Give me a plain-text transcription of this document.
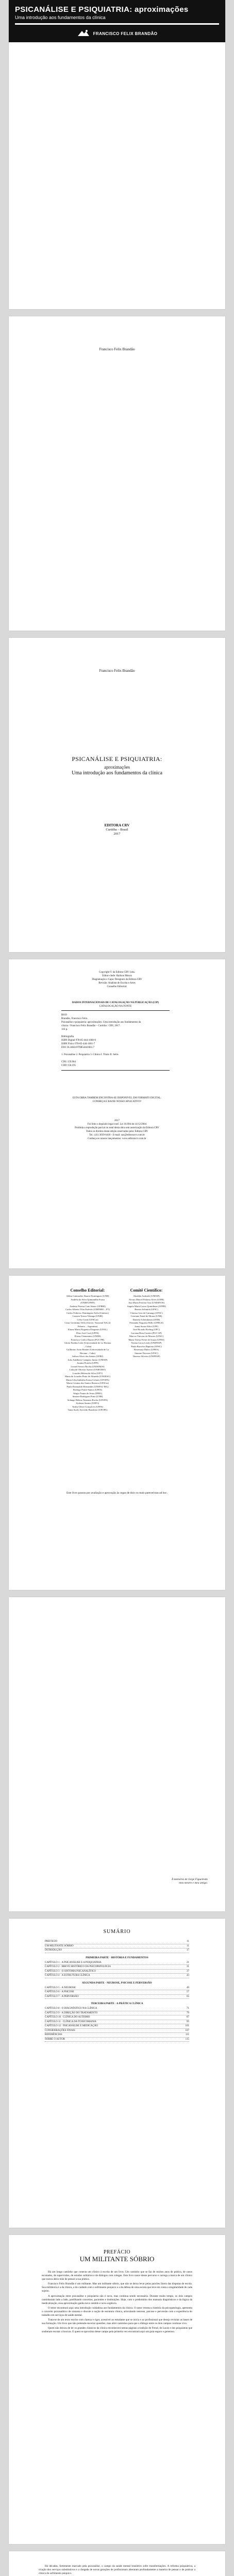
PSICANÁLISE E PSIQUIATRIA: aproximações
Uma introdução aos fundamentos da clínica
FRANCISCO FELIX BRANDÃO
Francisco Felix Brandão
Francisco Felix Brandão
PSICANÁLISE E PSIQUIATRIA:
aproximações
Uma introdução aos fundamentos da clínica
EDITORA CRV
Curitiba – Brasil
2017
Copyright © da Editora CRV Ltda.
Editor-chefe: Railson Moura
Diagramação e Capa: Designers da Editora CRV
Revisão: Analista de Escrita e Artes
Conselho Editorial:
DADOS INTERNACIONAIS DE CATALOGAÇÃO NA PUBLICAÇÃO (CIP)
CATALOGAÇÃO NA FONTE
B819
Brandão, Francisco Felix.
Psicanálise e psiquiatria: aproximações. Uma introdução aos fundamentos da
clínica / Francisco Felix Brandão – Curitiba : CRV, 2017.
116 p.

Bibliografia
ISBN Digital 978-85-444-1660-0
ISBN Físico 978-85-444-1661-7
DOI 10.24824/978854441661.7

1. Psicanálise 2. Psiquiatria 3. Clínica I. Título II. Série.

CDU 159.964
CDD 150.195
ESTA OBRA TAMBÉM ENCONTRA-SE DISPONÍVEL EM FORMATO DIGITAL.
CONHEÇA E BAIXE NOSSO APLICATIVO!
2017
Foi feito o depósito legal conf. Lei 10.994 de 14/12/2004
Proibida a reprodução parcial ou total desta obra sem autorização da Editora CRV
Todos os direitos desta edição reservados pela: Editora CRV
Tel.: (41) 3039-6418 - E-mail: sac@editoracrv.com.br
Conheça os nossos lançamentos: www.editoracrv.com.br
Conselho Editorial:
Aldira Guimarães Duarte Domínguez (UNB)
Andréia da Silva Quintanilha Sousa (UNIR/UFRN)
Antônio Pereira Gaio Júnior (UFRRJ)
Carlos Alberto Vilar Estêvão (UMINHO – PT)
Carlos Federico Dominguez Avila (Unieuro)
Carmen Tereza Velanga (UNIR)
Celso Conti (UFSCar)
Cesar Gerónimo Tello (Univer. Nacional Três de Febrero – Argentina)
Elione Maria Nogueira Diogenes (UFAL)
Élsio José Corá (UFFS)
Elizeu Clementino (UNEB)
Francisco Carlos Duarte (PUC-PR)
Gloria Fariñas León (Universidade de La Havana – Cuba)
Guillermo Arias Beatón (Universidade de La Havana – Cuba)
Jailson Alves dos Santos (UFRJ)
João Adalberto Campato Junior (UNESP)
Josania Portela (UFPI)
Leonel Severo Rocha (UNISINOS)
Lídia de Oliveira Xavier (UNIEURO)
Lourdes Helena da Silva (UFV)
Maria de Lourdes Pinto de Almeida (UNOESC)
Maria Lília Imbiriba Sousa Colares (UFOPA)
Maria Cristina dos Santos Bezerra (UFSCar)
Paulo Romualdo Hernandes (UNIFAL-MG)
Rodrigo Pratte-Santos (UFES)
Sérgio Nunes de Jesus (IFRO)
Simone Rodrigues Pinto (UNB)
Solange Helena Ximenes-Rocha (UFOPA)
Sydione Santos (UEPG)
Tadeu Oliver Gonçalves (UFPA)
Tania Suely Azevedo Brasileiro (UFOPA)
Comitê Científico:
Abrahão Andrade (UNESP)
Alvaro Marcel Palomo Alves (UEM)
Ana Maria Ferreira Tosi (UNISINOS)
Angela Maria Lucas Quintiliano (UFPB)
Beatriz Schmidt (UFSC)
Clarissa Lins de Camargo (UFSC)
Cristiane Faiad de Moura (UNB)
Daniela Scheinkman (UEM)
Fernanda Nogueira Bello (UFRGS)
Joana Souza Silva (UFF)
José Ricardo Kreling (UFC)
Luciana Rota Caseiro (PUC-SP)
Marcos Vinicius de Moraes (UFSC)
Maria Teresa Freire de Souza (UFES)
Norma Lucia Lerdo (UNIFESP)
Paula Barcelos Baptista (UFSC)
Rosemary Daltro (UFBA)
Simone Dacosta (UFSC)
Vanessa Silveira (UNIFESP)
Este livro passou por avaliação e aprovação às cegas de dois ou mais pareceristas ad hoc.
À memória de Jorge Figueiredo
meu mestre e meu amigo.
SUMÁRIO
PREFÁCIO	11
UM MILITANTE SÓBRIO	11
INTRODUÇÃO	17
PRIMEIRA PARTE · HISTÓRIA E FUNDAMENTOS
CAPÍTULO 1 · A PSICANÁLISE E A PSIQUIATRIA	21
CAPÍTULO 2 · BREVE HISTÓRICO DA PSICOPATOLOGIA	31
CAPÍTULO 3 · O SINTOMA PSICANALÍTICO	37
CAPÍTULO 4 · A ESTRUTURA CLÍNICA	43
SEGUNDA PARTE · NEUROSE, PSICOSE E PERVERSÃO
CAPÍTULO 5 · A NEUROSE	49
CAPÍTULO 6 · A PSICOSE	57
CAPÍTULO 7 · A PERVERSÃO	65
TERCEIRA PARTE · A PRÁTICA CLÍNICA
CAPÍTULO 8 · O DIAGNÓSTICO NA CLÍNICA	71
CAPÍTULO 9 · A DIREÇÃO DO TRATAMENTO	79
CAPÍTULO 10 · CLÍNICA DO AUTISMO	87
CAPÍTULO 11 · CLÍNICA DA TOXICOMANIA	95
CAPÍTULO 12 · PSICANÁLISE E MEDICAÇÃO	101
CONSIDERAÇÕES FINAIS	107
REFERÊNCIAS	111
SOBRE O AUTOR	115
PREFÁCIO
UM MILITANTE SÓBRIO

Há um longo caminho que conecta um clínico à escrita de um livro. Um caminho que se faz de muitos anos de prática, de casos escutados, de supervisões, de estudos solitários e de diálogos com colegas. Este livro nasce desse percurso e carrega a marca de um clínico que nunca abriu mão de pensar a sua prática.

Francisco Felix Brandão é um militante. Mas um militante sóbrio, que não se deixa levar pelas paixões fáceis das disputas de escola. Sua militância é a da clínica, a do cuidado com o sofrimento psíquico e a da defesa de uma escuta que leve em conta a singularidade de cada sujeito.

A aproximação entre psicanálise e psiquiatria não é nova, mas continua sendo necessária. Durante muito tempo, os dois campos caminharam lado a lado, partilhando conceitos, pacientes e instituições. Hoje, com o predomínio dos manuais diagnósticos e da lógica da medicalização, essa aproximação ganha novo sentido e nova urgência.

O leitor encontrará aqui uma introdução cuidadosa aos fundamentos da clínica. O autor retoma a história da psicopatologia, apresenta o conceito psicanalítico de sintoma e discute a noção de estrutura clínica, articulando neurose, psicose e perversão com a experiência do trabalho em serviços de saúde mental.

Trata-se de um texto escrito com clareza e rigor, acessível ao estudante que se inicia e ao profissional que deseja revisitar as bases de sua formação. Um livro que não pretende encerrar questões, mas abrir caminhos para que o diálogo entre os dois campos continue vivo.

Quem não deixou de ler os grandes clássicos da clínica reconhecerá nestas páginas a tradição de Freud, de Lacan e dos psiquiatras que souberam escutar a loucura. E quem se aproxima desse campo pela primeira vez encontrará aqui um guia seguro e generoso.

Há décadas, fortemente marcado pela psicanálise, o campo da saúde mental brasileiro sofre transformações. A reforma psiquiátrica, a criação dos serviços substitutivos e a chegada de novas gerações de profissionais alteraram profundamente a maneira de pensar e de praticar a clínica do sofrimento psíquico.
